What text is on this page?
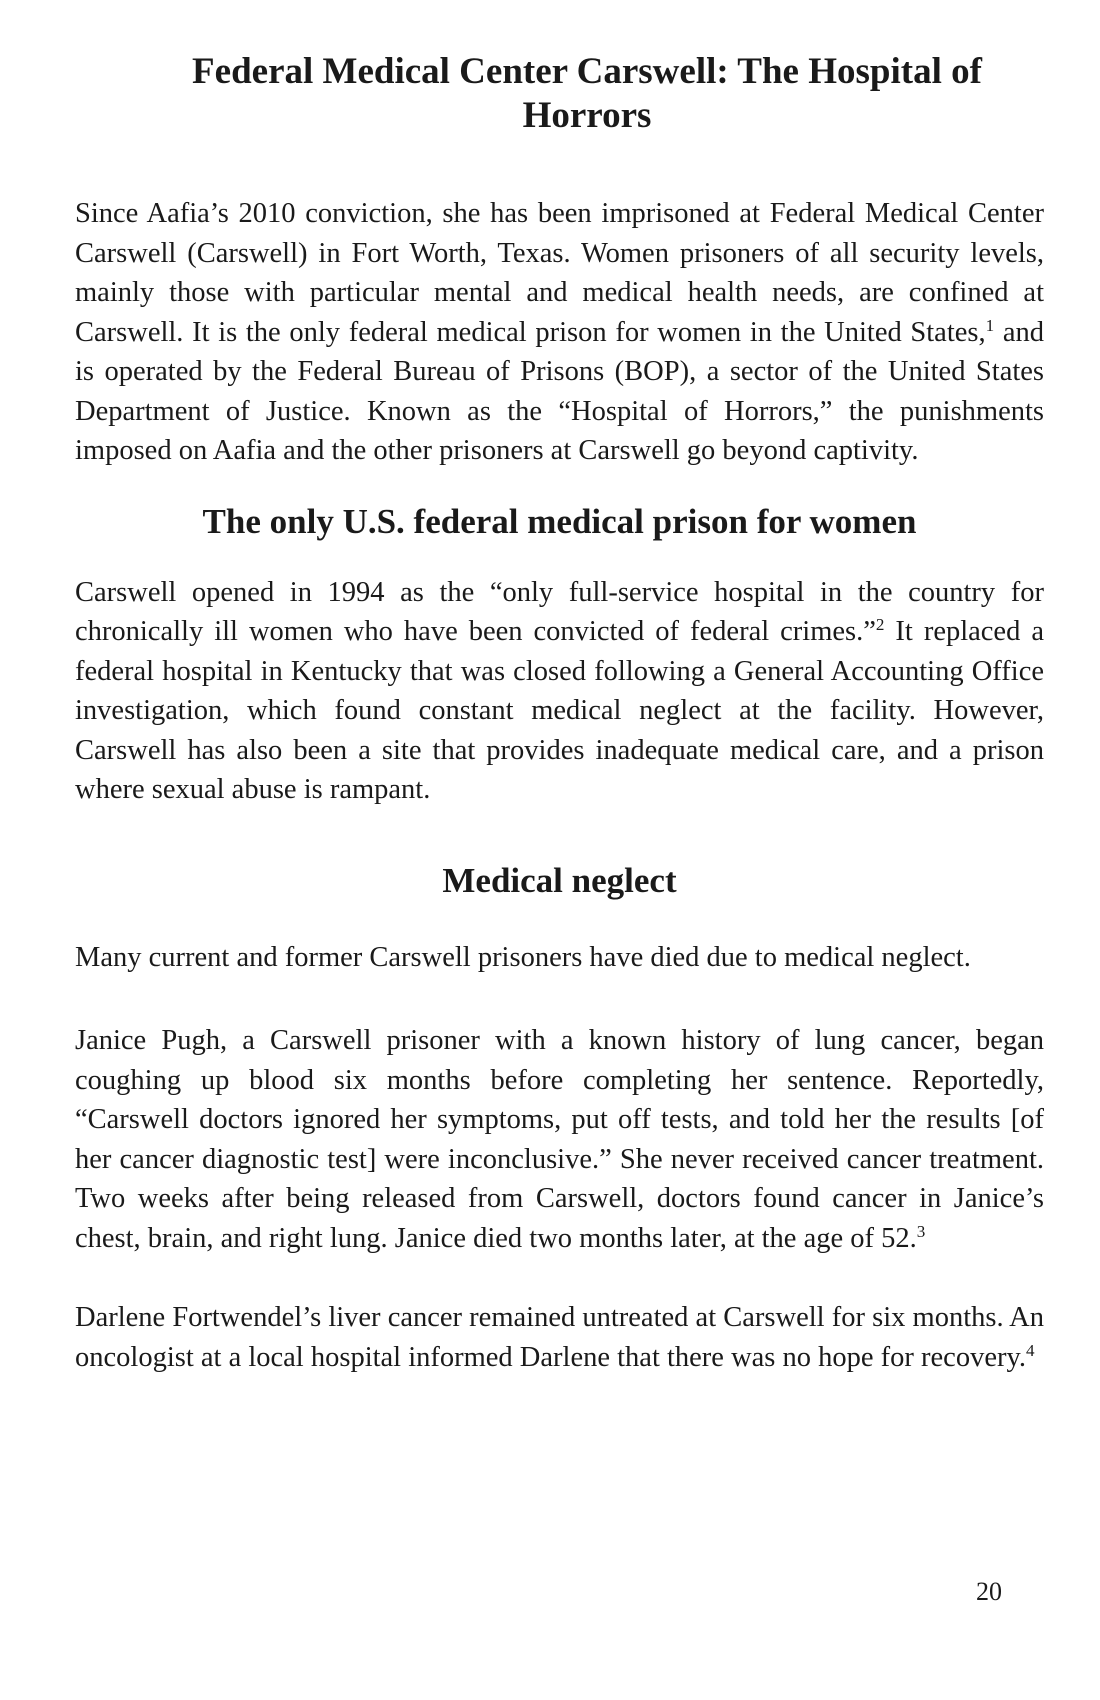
Federal Medical Center Carswell: The Hospital of Horrors

Since Aafia’s 2010 conviction, she has been imprisoned at Federal Medical Center Carswell (Carswell) in Fort Worth, Texas. Women prisoners of all security levels, mainly those with particular mental and medical health needs, are confined at Carswell. It is the only federal medical prison for women in the United States,$^1$ and is operated by the Federal Bureau of Prisons (BOP), a sector of the United States Department of Justice. Known as the “Hospital of Horrors,” the punishments imposed on Aafia and the other prisoners at Carswell go beyond captivity.

The only U.S. federal medical prison for women

Carswell opened in 1994 as the “only full-service hospital in the country for chronically ill women who have been convicted of federal crimes.”$^2$ It replaced a federal hospital in Kentucky that was closed following a General Accounting Office investigation, which found constant medical neglect at the facility. However, Carswell has also been a site that provides inadequate medical care, and a prison where sexual abuse is rampant.

Medical neglect

Many current and former Carswell prisoners have died due to medical neglect.

Janice Pugh, a Carswell prisoner with a known history of lung cancer, began coughing up blood six months before completing her sentence. Reportedly, “Carswell doctors ignored her symptoms, put off tests, and told her the results [of her cancer diagnostic test] were inconclusive.” She never received cancer treatment. Two weeks after being released from Carswell, doctors found cancer in Janice’s chest, brain, and right lung. Janice died two months later, at the age of 52.$^3$

Darlene Fortwendel’s liver cancer remained untreated at Carswell for six months. An oncologist at a local hospital informed Darlene that there was no hope for recovery.$^4$

20
